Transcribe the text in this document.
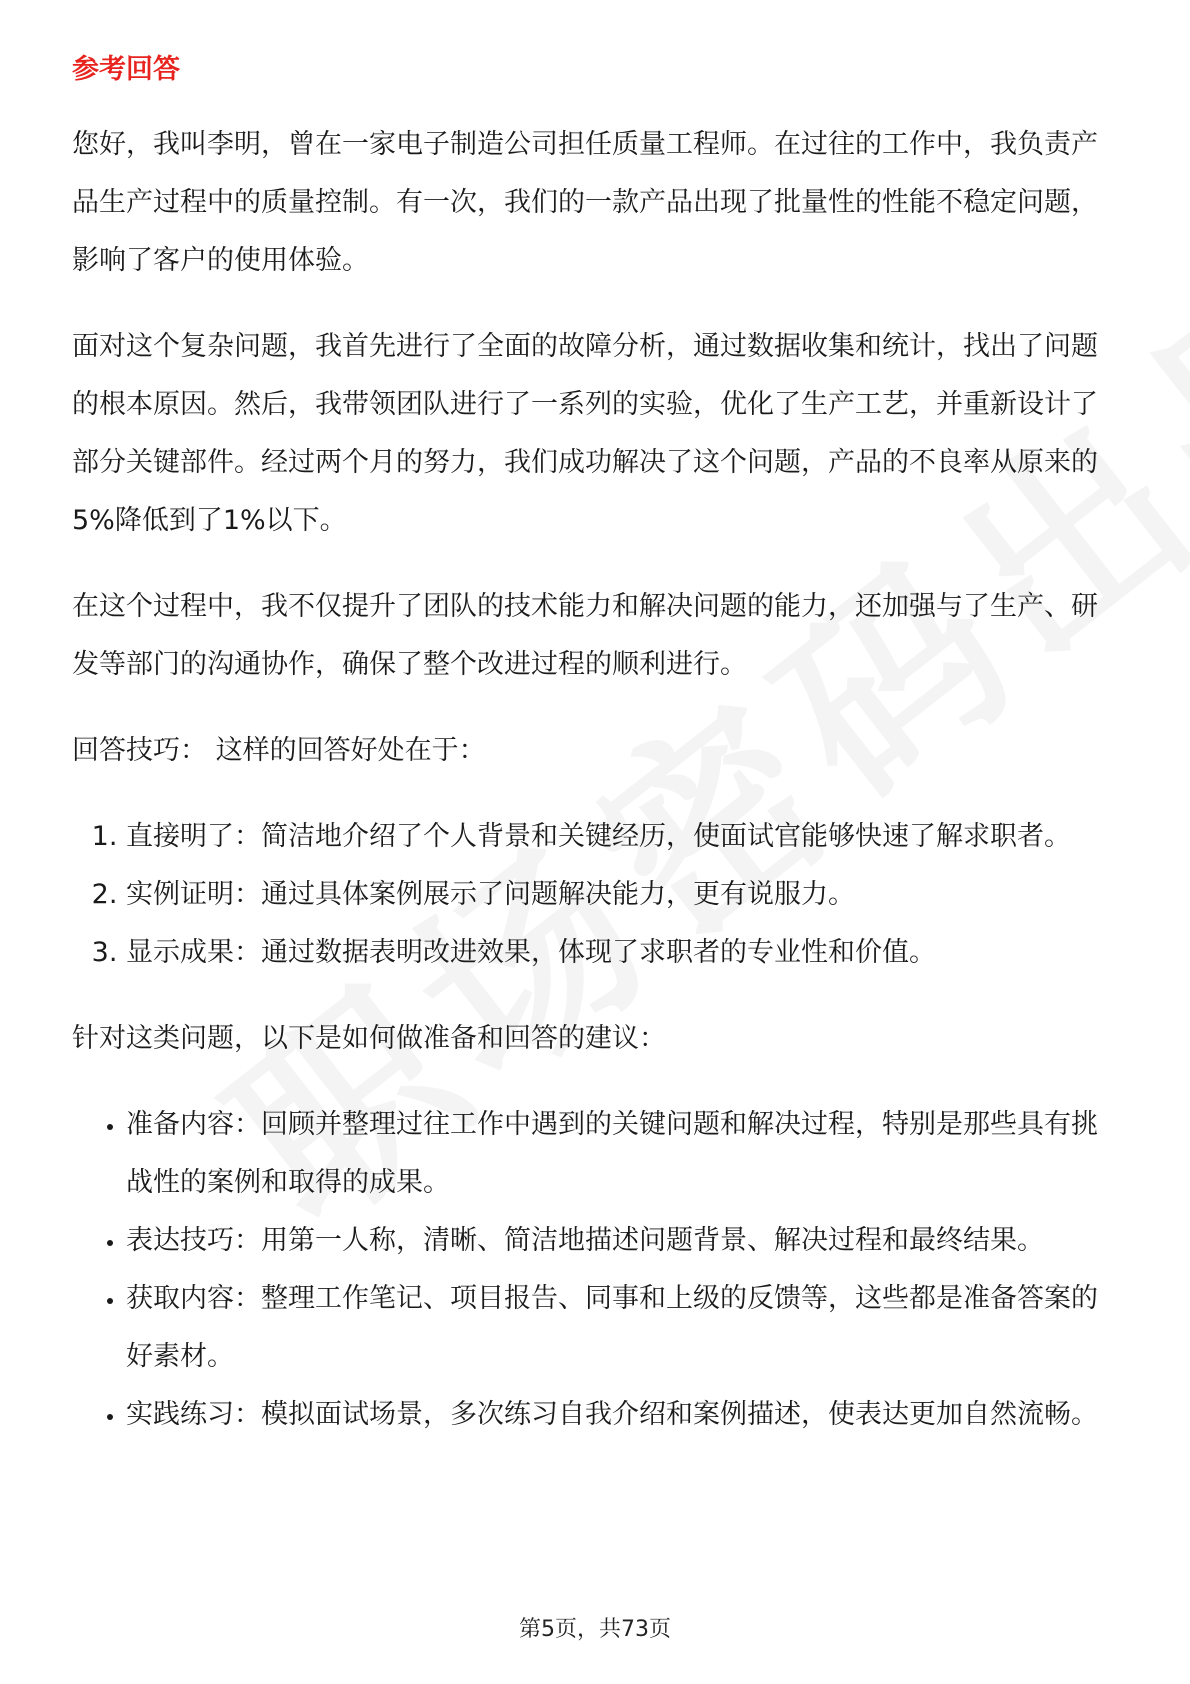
参考回答

您好，我叫李明，曾在一家电子制造公司担任质量工程师。在过往的工作中，我负责产品生产过程中的质量控制。有一次，我们的一款产品出现了批量性的性能不稳定问题，影响了客户的使用体验。

面对这个复杂问题，我首先进行了全面的故障分析，通过数据收集和统计，找出了问题的根本原因。然后，我带领团队进行了一系列的实验，优化了生产工艺，并重新设计了部分关键部件。经过两个月的努力，我们成功解决了这个问题，产品的不良率从原来的5%降低到了1%以下。

在这个过程中，我不仅提升了团队的技术能力和解决问题的能力，还加强与了生产、研发等部门的沟通协作，确保了整个改进过程的顺利进行。

回答技巧： 这样的回答好处在于：

1. 直接明了：简洁地介绍了个人背景和关键经历，使面试官能够快速了解求职者。
2. 实例证明：通过具体案例展示了问题解决能力，更有说服力。
3. 显示成果：通过数据表明改进效果，体现了求职者的专业性和价值。

针对这类问题，以下是如何做准备和回答的建议：

• 准备内容：回顾并整理过往工作中遇到的关键问题和解决过程，特别是那些具有挑战性的案例和取得的成果。
• 表达技巧：用第一人称，清晰、简洁地描述问题背景、解决过程和最终结果。
• 获取内容：整理工作笔记、项目报告、同事和上级的反馈等，这些都是准备答案的好素材。
• 实践练习：模拟面试场景，多次练习自我介绍和案例描述，使表达更加自然流畅。
第5页，共73页
